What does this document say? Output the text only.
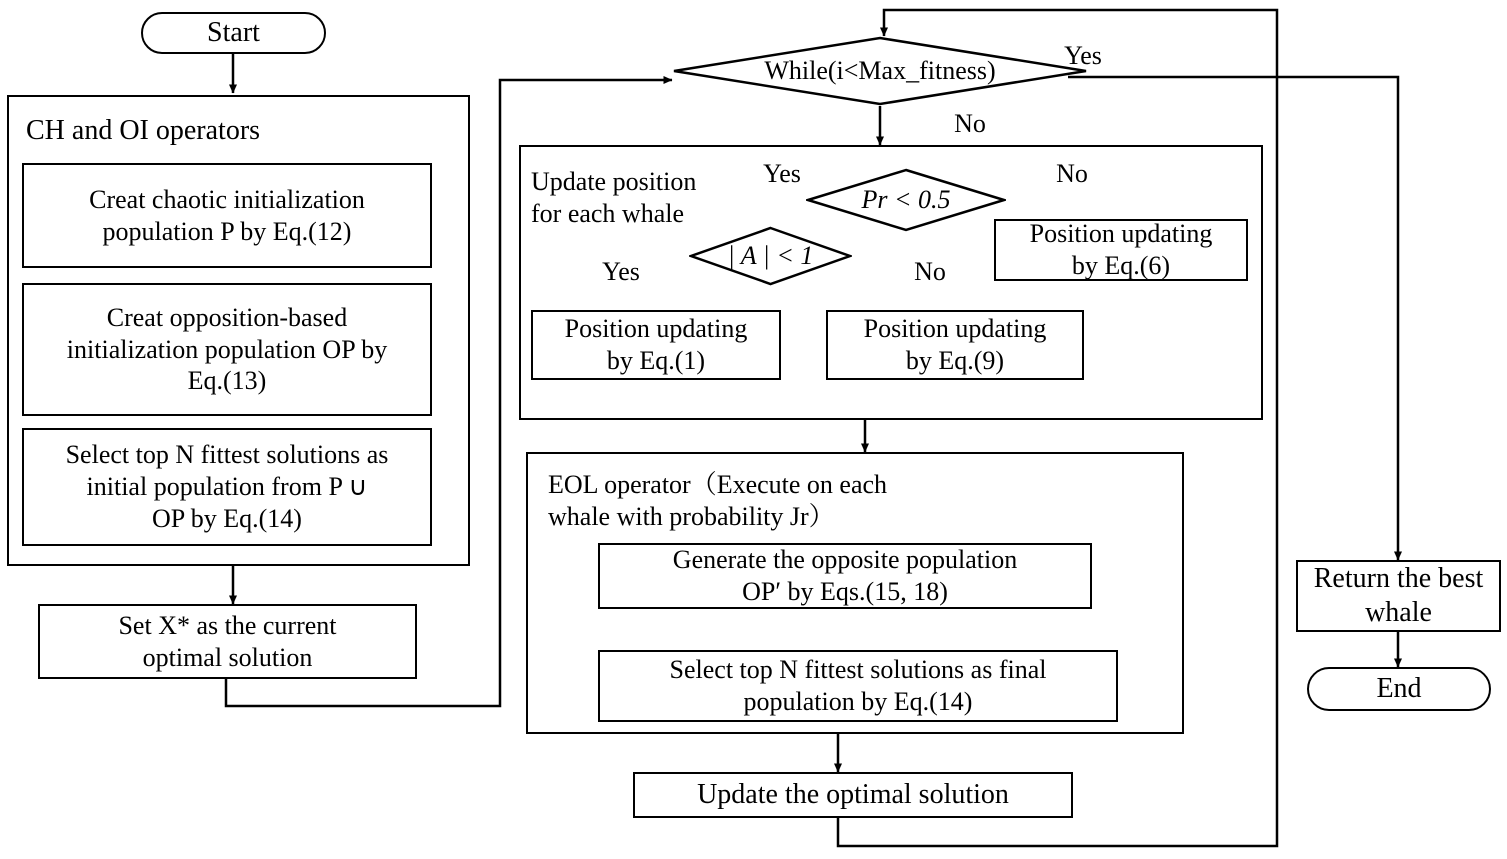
Start
CH and OI operators
Creat chaotic initialization
population P by Eq.(12)
Creat opposition-based
initialization population OP by
Eq.(13)
Select top N fittest solutions as
initial population from P ∪
OP by Eq.(14)
Set X* as the current
optimal solution
While(i<Max_fitness)
Yes
No
Update position
for each whale	Pr < 0.5
Yes	No
| A | < 1
Yes	No
Position updating
by Eq.(1)
Position updating
by Eq.(9)
Position updating
by Eq.(6)
EOL operator（Execute on each
whale with probability Jr）
Generate the opposite population
OP′ by Eqs.(15, 18)
Select top N fittest solutions as final
population by Eq.(14)
Update the optimal solution
Return the best
whale
End
